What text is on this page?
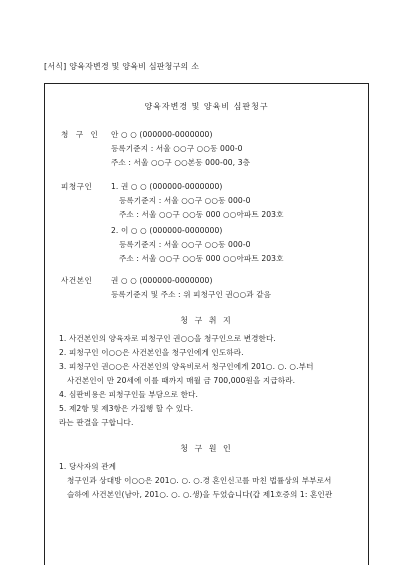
[서식] 양육자변경 및 양육비 심판청구의 소
양육자변경 및 양육비 심판청구
청 구 인 안 ○ ○ (000000-0000000)
등록기준지 : 서울 ○○구 ○○동 000-0
주소 : 서울 ○○구 ○○본동 000-00, 3층
피청구인 1. 권 ○ ○ (000000-0000000)
등록기준지 : 서울 ○○구 ○○동 000-0
주소 : 서울 ○○구 ○○동 000 ○○아파트 203호
2. 이 ○ ○ (000000-0000000)
등록기준지 : 서울 ○○구 ○○동 000-0
주소 : 서울 ○○구 ○○동 000 ○○아파트 203호
사건본인 권 ○ ○ (000000-0000000)
등록기준지 및 주소 : 위 피청구인 권○○과 같음
청 구 취 지
1. 사건본인의 양육자로 피청구인 권○○을 청구인으로 변경한다.
2. 피청구인 이○○은 사건본인을 청구인에게 인도하라.
3. 피청구인 권○○은 사건본인의 양육비로서 청구인에게 201○. ○. ○.부터
사건본인이 만 20세에 이를 때까지 매월 금 700,000원을 지급하라.
4. 심판비용은 피청구인들 부담으로 한다.
5. 제2항 및 제3항은 가집행 할 수 있다.
라는 판결을 구합니다.
청 구 원 인
1. 당사자의 관계
청구인과 상대방 이○○은 201○. ○. ○.경 혼인신고를 마친 법률상의 부부로서
슬하에 사건본인(남아, 201○. ○. ○.생)을 두었습니다(갑 제1호증의 1: 혼인관
